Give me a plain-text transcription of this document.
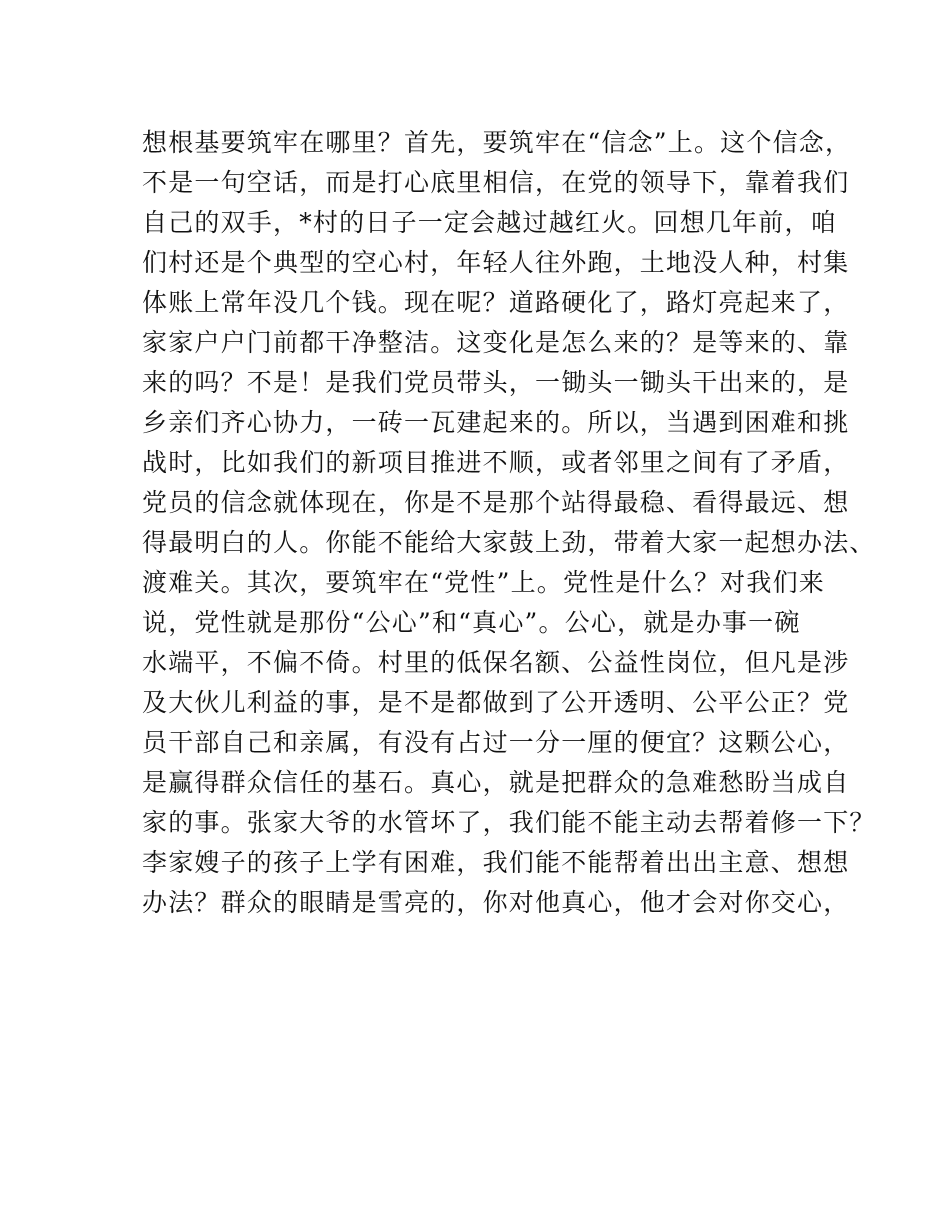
想根基要筑牢在哪里？首先，要筑牢在“信念”上。这个信念，
不是一句空话，而是打心底里相信，在党的领导下，靠着我们
自己的双手，*村的日子一定会越过越红火。回想几年前，咱
们村还是个典型的空心村，年轻人往外跑，土地没人种，村集
体账上常年没几个钱。现在呢？道路硬化了，路灯亮起来了，
家家户户门前都干净整洁。这变化是怎么来的？是等来的、靠
来的吗？不是！是我们党员带头，一锄头一锄头干出来的，是
乡亲们齐心协力，一砖一瓦建起来的。所以，当遇到困难和挑
战时，比如我们的新项目推进不顺，或者邻里之间有了矛盾，
党员的信念就体现在，你是不是那个站得最稳、看得最远、想
得最明白的人。你能不能给大家鼓上劲，带着大家一起想办法、
渡难关。其次，要筑牢在“党性”上。党性是什么？对我们来
说，党性就是那份“公心”和“真心”。公心，就是办事一碗
水端平，不偏不倚。村里的低保名额、公益性岗位，但凡是涉
及大伙儿利益的事，是不是都做到了公开透明、公平公正？党
员干部自己和亲属，有没有占过一分一厘的便宜？这颗公心，
是赢得群众信任的基石。真心，就是把群众的急难愁盼当成自
家的事。张家大爷的水管坏了，我们能不能主动去帮着修一下？
李家嫂子的孩子上学有困难，我们能不能帮着出出主意、想想
办法？群众的眼睛是雪亮的，你对他真心，他才会对你交心，
